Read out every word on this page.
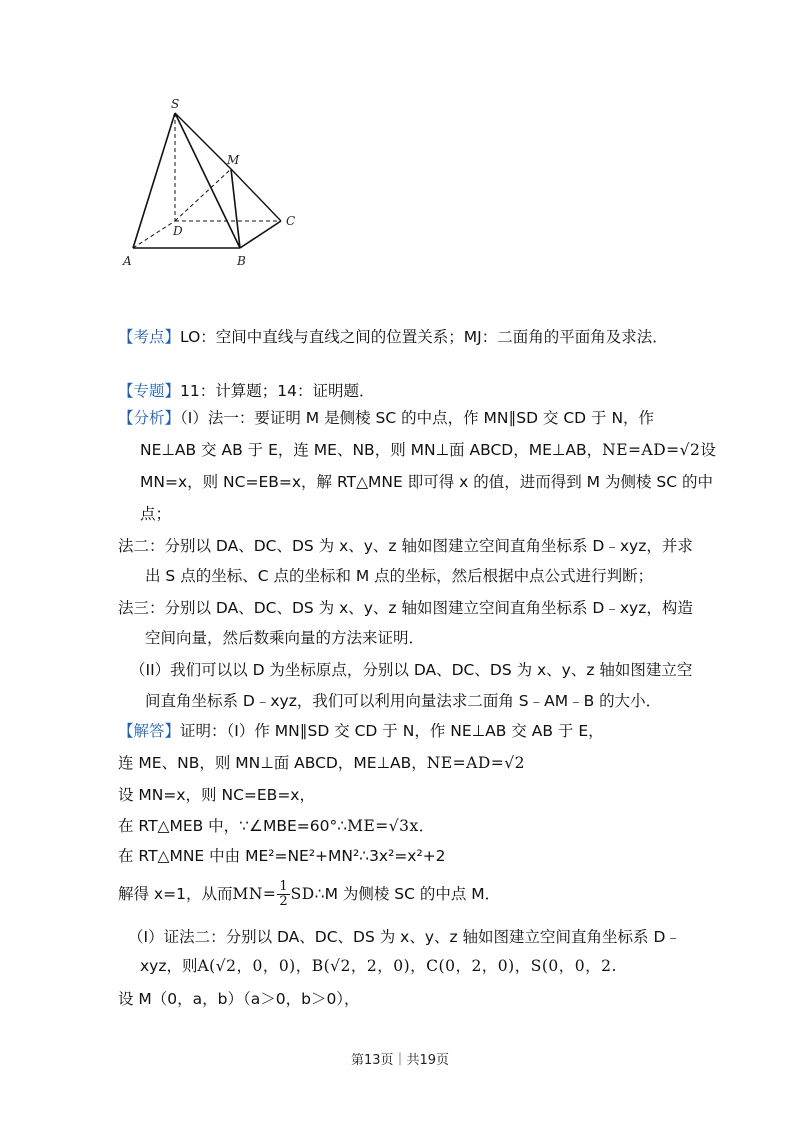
S
M
D
C
A	B
【考点】LO：空间中直线与直线之间的位置关系；MJ：二面角的平面角及求法．
【专题】11：计算题；14：证明题．
【分析】（I）法一：要证明 M 是侧棱 SC 的中点，作 MN∥SD 交 CD 于 N，作
NE⊥AB 交 AB 于 E，连 ME、NB，则 MN⊥面 ABCD，ME⊥AB，NE=AD=√2设
MN=x，则 NC=EB=x，解 RT△MNE 即可得 x 的值，进而得到 M 为侧棱 SC 的中
点；
法二：分别以 DA、DC、DS 为 x、y、z 轴如图建立空间直角坐标系 D﹣xyz，并求
出 S 点的坐标、C 点的坐标和 M 点的坐标，然后根据中点公式进行判断；
法三：分别以 DA、DC、DS 为 x、y、z 轴如图建立空间直角坐标系 D﹣xyz，构造
空间向量，然后数乘向量的方法来证明．
（II）我们可以以 D 为坐标原点，分别以 DA、DC、DS 为 x、y、z 轴如图建立空
间直角坐标系 D﹣xyz，我们可以利用向量法求二面角 S﹣AM﹣B 的大小．
【解答】证明：（I）作 MN∥SD 交 CD 于 N，作 NE⊥AB 交 AB 于 E，
连 ME、NB，则 MN⊥面 ABCD，ME⊥AB，NE=AD=√2
设 MN=x，则 NC=EB=x，
在 RT△MEB 中，∵∠MBE=60°∴ME=√3x．
在 RT△MNE 中由 ME²=NE²+MN²∴3x²=x²+2
解得 x=1，从而$MN= \frac{1}{2}$ SD∴M 为侧棱 SC 的中点 M．
（I）证法二：分别以 DA、DC、DS 为 x、y、z 轴如图建立空间直角坐标系 D﹣
xyz，则A(√2，0，0)，B(√2，2，0)，C(0，2，0)，S(0，0，2.
设 M（0，a，b）（a＞0，b＞0），
第13页｜共19页
